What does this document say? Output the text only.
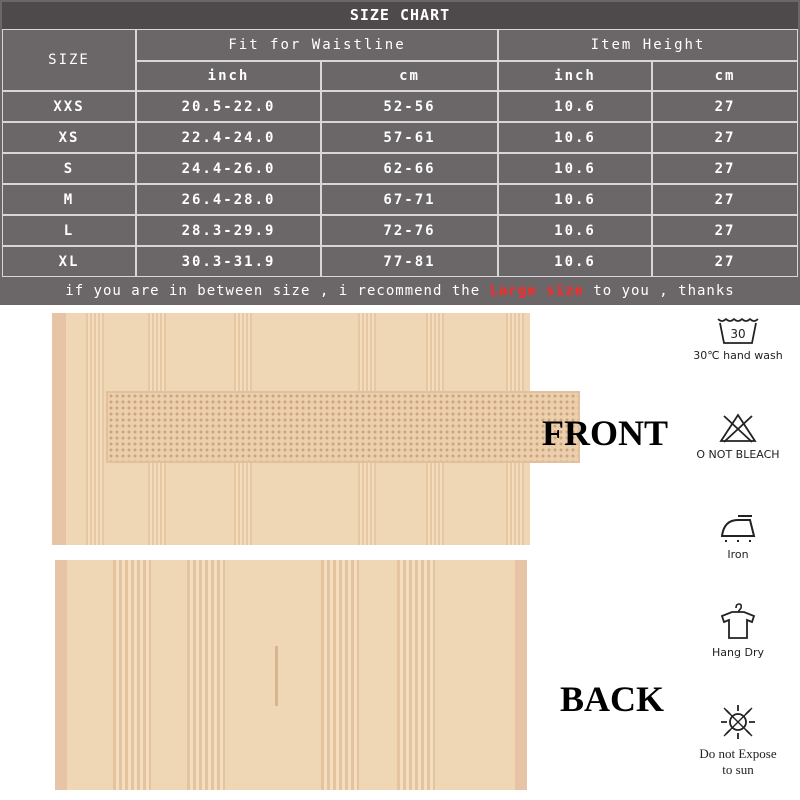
SIZE CHART
SIZE
Fit for Waistline	Item Height
inch	cm	inch	cm
XXS	20.5-22.0	52-56	10.6	27
XS	22.4-24.0	57-61	10.6	27
S	24.4-26.0	62-66	10.6	27
M	26.4-28.0	67-71	10.6	27
L	28.3-29.9	72-76	10.6	27
XL	30.3-31.9	77-81	10.6	27
if you are in between size , i recommend the Large size to you , thanks
FRONT
BACK
30
30℃ hand wash
O NOT BLEACH
Iron
Hang Dry
Do not Expose
to sun
